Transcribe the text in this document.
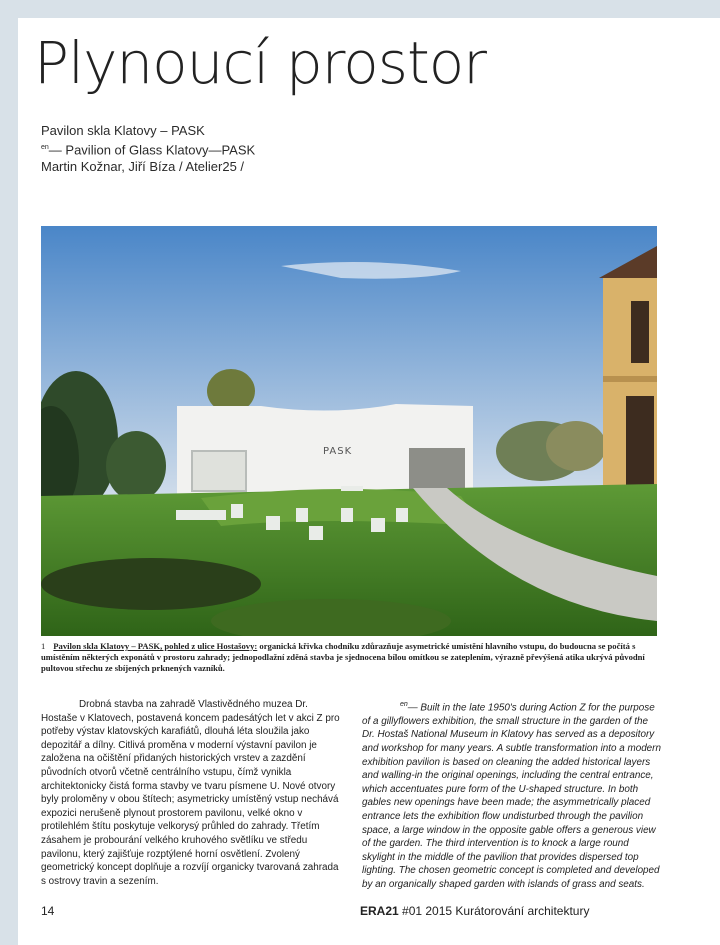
Plynoucí prostor
Pavilon skla Klatovy – PASK
$^{en}$— Pavilion of Glass Klatovy—PASK
Martin Kožnar, Jiří Bíza / Atelier25 /
PASK
1 Pavilon skla Klatovy – PASK, pohled z ulice Hostašovy: organická křivka chodníku zdůrazňuje asymetrické umístění hlavního vstupu, do budoucna se počítá s umístěním některých exponátů v prostoru zahrady; jednopodlažní zděná stavba je sjednocena bílou omítkou se zateplením, výrazně převýšená atika ukrývá původní pultovou střechu ze sbíjených prknených vazníků.

Drobná stavba na zahradě Vlastivědného muzea Dr. Hostaše v Klatovech, postavená koncem padesátých let v akci Z pro potřeby výstav klatovských karafiátů, dlouhá léta sloužila jako depozitář a dílny. Citlivá proměna v moderní výstavní pavilon je založena na očištění přidaných historických vrstev a zazdění původních otvorů včetně centrálního vstupu, čímž vynikla architektonicky čistá forma stavby ve tvaru písmene U. Nové otvory byly proloměny v obou štítech; asymetricky umístěný vstup nechává expozici nerušeně plynout prostorem pavilonu, velké okno v protilehlém štítu poskytuje velkorysý průhled do zahrady. Třetím zásahem je probourání velkého kruhového světlíku ve středu pavilonu, který zajišťuje rozptýlené horní osvětlení. Zvolený geometrický koncept doplňuje a rozvíjí organicky tvarovaná zahrada s ostrovy travin a sezením.

$^{en}$— Built in the late 1950's during Action Z for the purpose of a gillyflowers exhibition, the small structure in the garden of the Dr. Hostaš National Museum in Klatovy has served as a depository and workshop for many years. A subtle transformation into a modern exhibition pavilion is based on cleaning the added historical layers and walling-in the original openings, including the central entrance, which accentuates pure form of the U-shaped structure. In both gables new openings have been made; the asymmetrically placed entrance lets the exhibition flow undisturbed through the pavilion space, a large window in the opposite gable offers a generous view of the garden. The third intervention is to knock a large round skylight in the middle of the pavilion that provides dispersed top lighting. The chosen geometric concept is completed and developed by an organically shaped garden with islands of grass and seats.

14	ERA21 #01 2015 Kurátorování architektury
